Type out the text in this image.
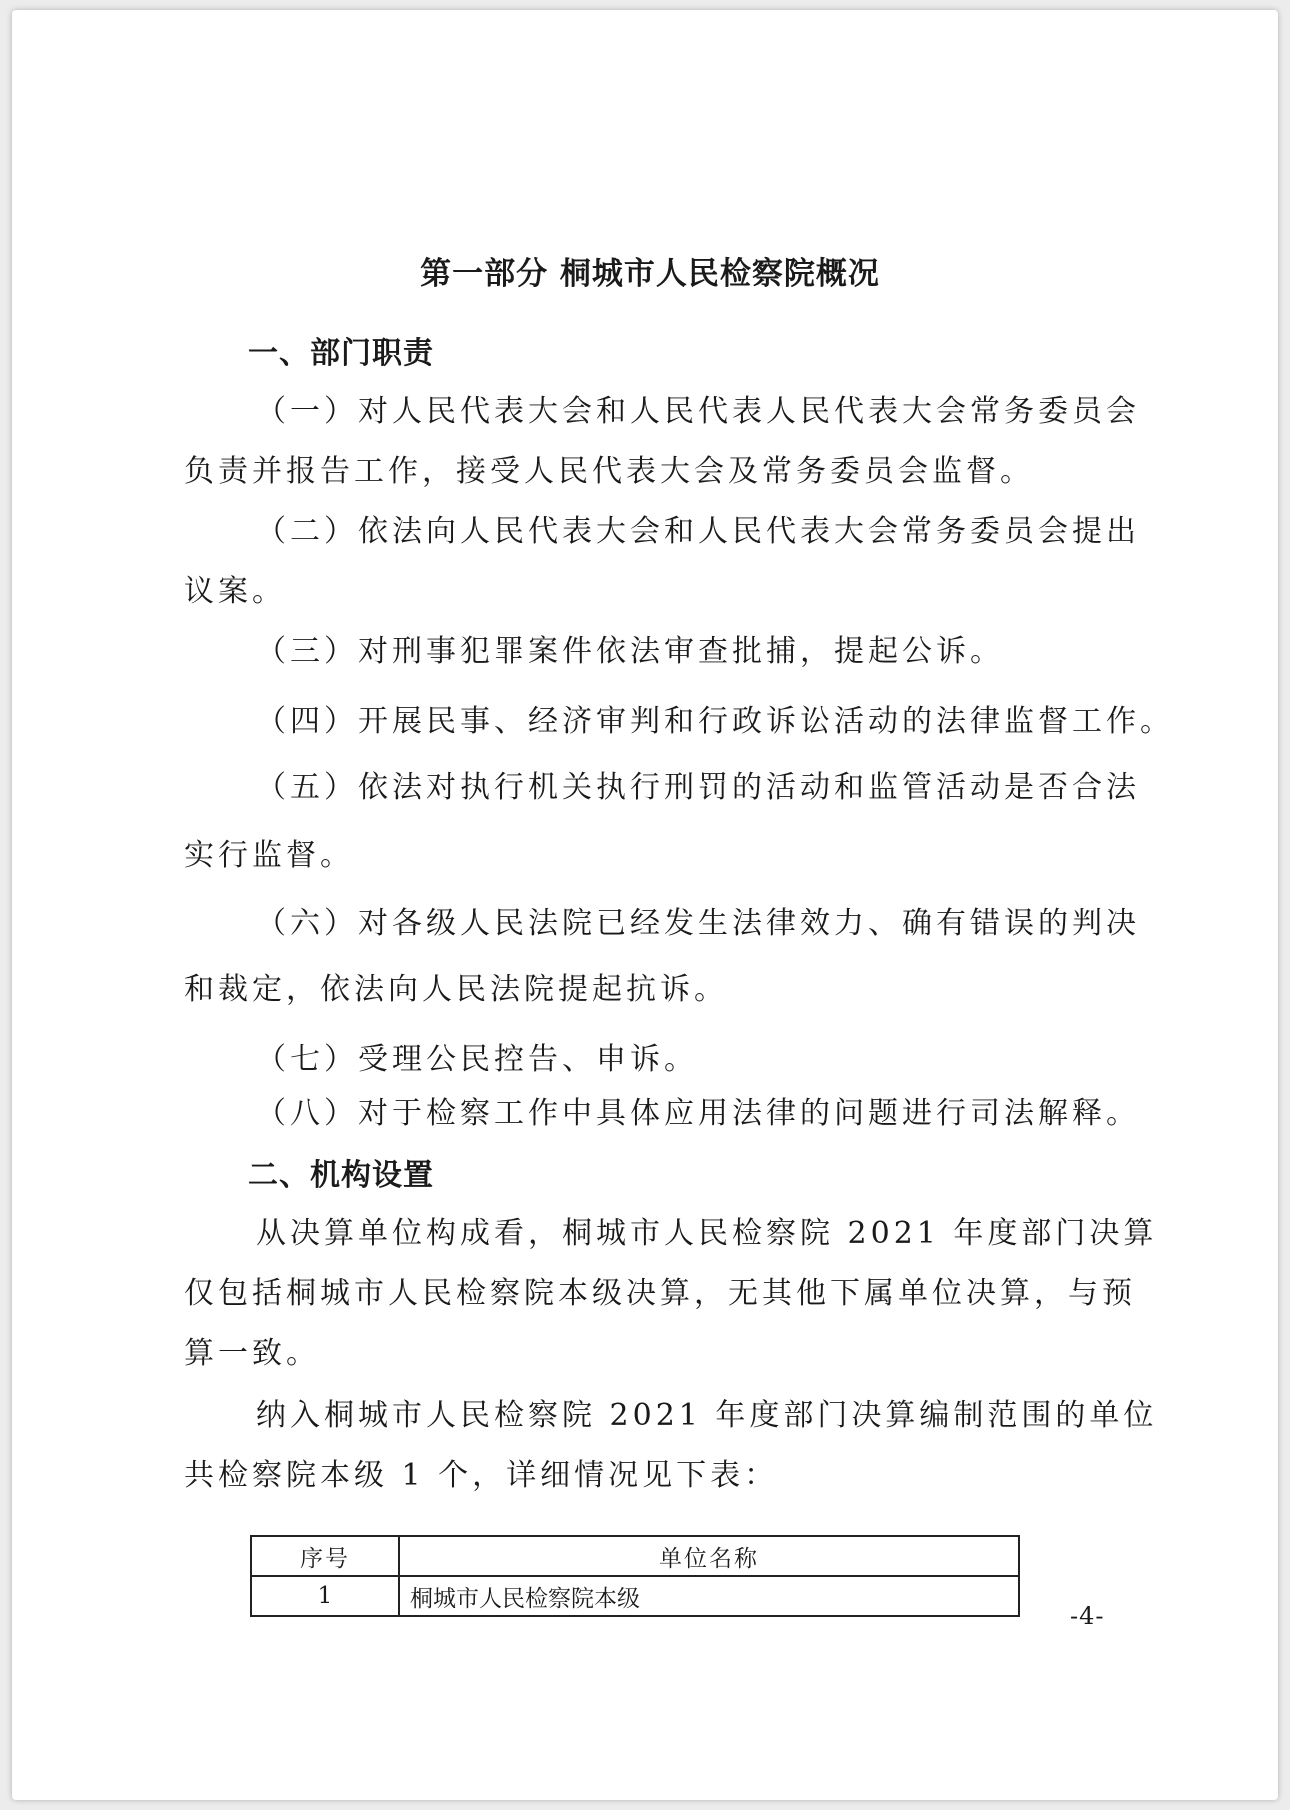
第一部分 桐城市人民检察院概况
一、部门职责
（一）对人民代表大会和人民代表人民代表大会常务委员会
负责并报告工作，接受人民代表大会及常务委员会监督。
（二）依法向人民代表大会和人民代表大会常务委员会提出
议案。
（三）对刑事犯罪案件依法审查批捕，提起公诉。
（四）开展民事、经济审判和行政诉讼活动的法律监督工作。
（五）依法对执行机关执行刑罚的活动和监管活动是否合法
实行监督。
（六）对各级人民法院已经发生法律效力、确有错误的判决
和裁定，依法向人民法院提起抗诉。
（七）受理公民控告、申诉。
（八）对于检察工作中具体应用法律的问题进行司法解释。
二、机构设置
从决算单位构成看，桐城市人民检察院 2021 年度部门决算
仅包括桐城市人民检察院本级决算，无其他下属单位决算，与预
算一致。
纳入桐城市人民检察院 2021 年度部门决算编制范围的单位
共检察院本级 1 个，详细情况见下表：
序号	单位名称
1	桐城市人民检察院本级
-4-
